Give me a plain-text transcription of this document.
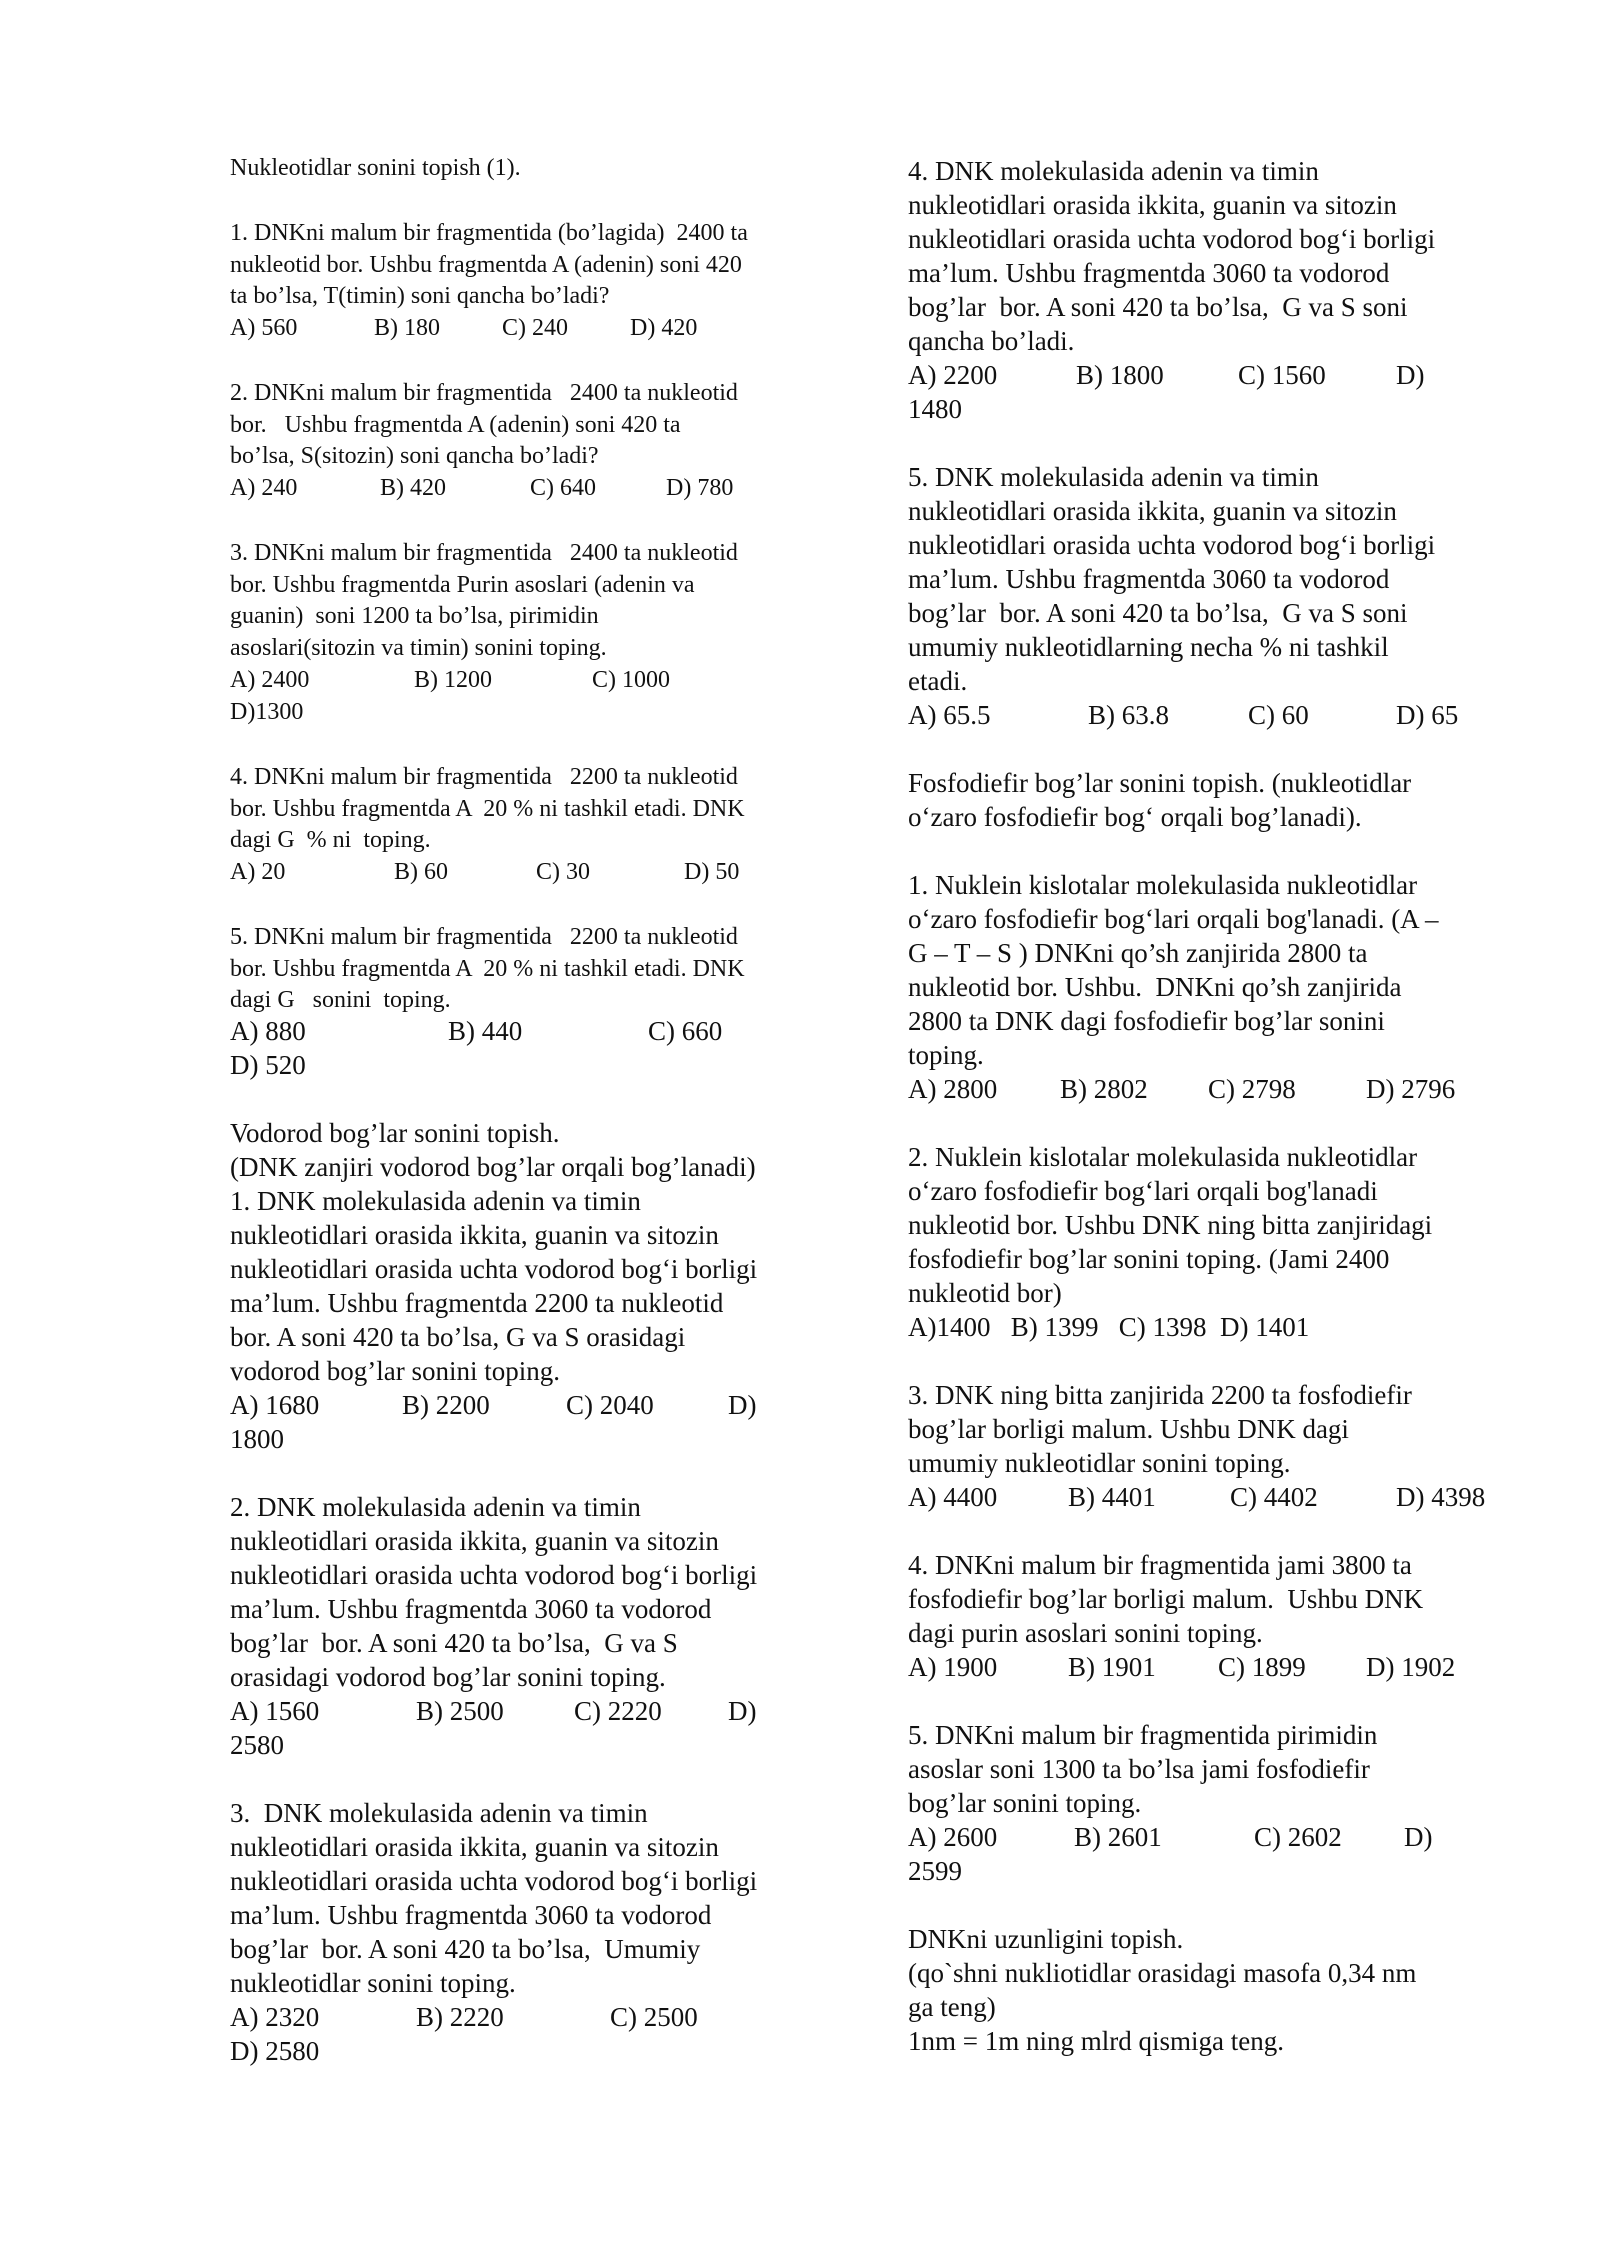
Nukleotidlar sonini topish (1).
1. DNKni malum bir fragmentida (bo’lagida)  2400 ta
nukleotid bor. Ushbu fragmentda A (adenin) soni 420
ta bo’lsa, T(timin) soni qancha bo’ladi?
A) 560	B) 180	C) 240	D) 420
2. DNKni malum bir fragmentida   2400 ta nukleotid
bor.   Ushbu fragmentda A (adenin) soni 420 ta
bo’lsa, S(sitozin) soni qancha bo’ladi?
A) 240	B) 420	C) 640	D) 780
3. DNKni malum bir fragmentida   2400 ta nukleotid
bor. Ushbu fragmentda Purin asoslari (adenin va
guanin)  soni 1200 ta bo’lsa, pirimidin
asoslari(sitozin va timin) sonini toping.
A) 2400	B) 1200	C) 1000
D)1300
4. DNKni malum bir fragmentida   2200 ta nukleotid
bor. Ushbu fragmentda A  20 % ni tashkil etadi. DNK
dagi G  % ni  toping.
A) 20	B) 60	C) 30	D) 50
5. DNKni malum bir fragmentida   2200 ta nukleotid
bor. Ushbu fragmentda A  20 % ni tashkil etadi. DNK
dagi G   sonini  toping.
A) 880	B) 440	C) 660
D) 520
Vodorod bog’lar sonini topish.
(DNK zanjiri vodorod bog’lar orqali bog’lanadi)
1. DNK molekulasida adenin va timin
nukleotidlari orasida ikkita, guanin va sitozin
nukleotidlari orasida uchta vodorod bog‘i borligi
ma’lum. Ushbu fragmentda 2200 ta nukleotid
bor. A soni 420 ta bo’lsa, G va S orasidagi
vodorod bog’lar sonini toping.
A) 1680	B) 2200	C) 2040	D)
1800
2. DNK molekulasida adenin va timin
nukleotidlari orasida ikkita, guanin va sitozin
nukleotidlari orasida uchta vodorod bog‘i borligi
ma’lum. Ushbu fragmentda 3060 ta vodorod
bog’lar  bor. A soni 420 ta bo’lsa,  G va S
orasidagi vodorod bog’lar sonini toping.
A) 1560	B) 2500	C) 2220 D)
2580
3.  DNK molekulasida adenin va timin
nukleotidlari orasida ikkita, guanin va sitozin
nukleotidlari orasida uchta vodorod bog‘i borligi
ma’lum. Ushbu fragmentda 3060 ta vodorod
bog’lar  bor. A soni 420 ta bo’lsa,  Umumiy
nukleotidlar sonini toping.
A) 2320	B) 2220	C) 2500
D) 2580
4. DNK molekulasida adenin va timin
nukleotidlari orasida ikkita, guanin va sitozin
nukleotidlari orasida uchta vodorod bog‘i borligi
ma’lum. Ushbu fragmentda 3060 ta vodorod
bog’lar  bor. A soni 420 ta bo’lsa,  G va S soni
qancha bo’ladi.
A) 2200	B) 1800	C) 1560	D)
1480
5. DNK molekulasida adenin va timin
nukleotidlari orasida ikkita, guanin va sitozin
nukleotidlari orasida uchta vodorod bog‘i borligi
ma’lum. Ushbu fragmentda 3060 ta vodorod
bog’lar  bor. A soni 420 ta bo’lsa,  G va S soni
umumiy nukleotidlarning necha % ni tashkil
etadi.
A) 65.5	B) 63.8	C) 60	D) 65
Fosfodiefir bog’lar sonini topish. (nukleotidlar
o‘zaro fosfodiefir bog‘ orqali bog’lanadi).
1. Nuklein kislotalar molekulasida nukleotidlar
o‘zaro fosfodiefir bog‘lari orqali bog'lanadi. (A –
G – T – S ) DNKni qo’sh zanjirida 2800 ta
nukleotid bor. Ushbu.  DNKni qo’sh zanjirida
2800 ta DNK dagi fosfodiefir bog’lar sonini
toping.
A) 2800 B) 2802 C) 2798	D) 2796
2. Nuklein kislotalar molekulasida nukleotidlar
o‘zaro fosfodiefir bog‘lari orqali bog'lanadi
nukleotid bor. Ushbu DNK ning bitta zanjiridagi
fosfodiefir bog’lar sonini toping. (Jami 2400
nukleotid bor)
A)1400   B) 1399   C) 1398  D) 1401
3. DNK ning bitta zanjirida 2200 ta fosfodiefir
bog’lar borligi malum. Ushbu DNK dagi
umumiy nukleotidlar sonini toping.
A) 4400	B) 4401	C) 4402	D) 4398
4. DNKni malum bir fragmentida jami 3800 ta
fosfodiefir bog’lar borligi malum.  Ushbu DNK
dagi purin asoslari sonini toping.
A) 1900	B) 1901 C) 1899 D) 1902
5. DNKni malum bir fragmentida pirimidin
asoslar soni 1300 ta bo’lsa jami fosfodiefir
bog’lar sonini toping.
A) 2600	B) 2601	C) 2602 D)
2599
DNKni uzunligini topish.
(qo`shni nukliotidlar orasidagi masofa 0,34 nm
ga teng)
1nm = 1m ning mlrd qismiga teng.
